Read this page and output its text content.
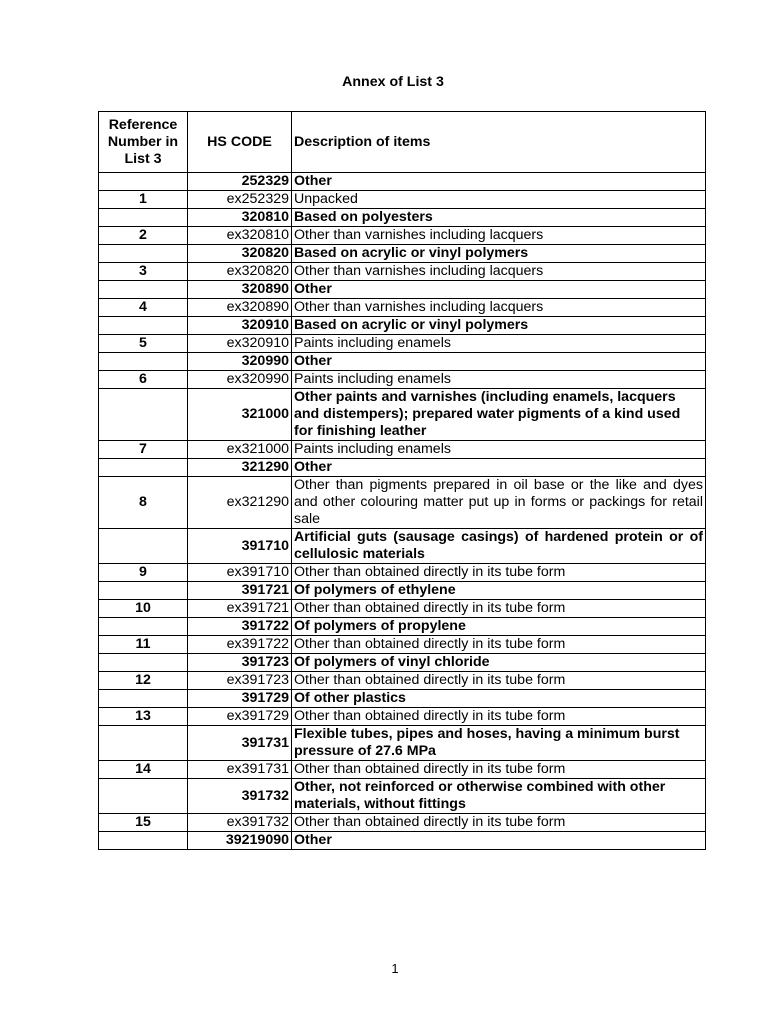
Annex of List 3
Reference Number in List 3	HS CODE	Description of items
	252329	Other
1	ex252329	Unpacked
	320810	Based on polyesters
2	ex320810	Other than varnishes including lacquers
	320820	Based on acrylic or vinyl polymers
3	ex320820	Other than varnishes including lacquers
	320890	Other
4	ex320890	Other than varnishes including lacquers
	320910	Based on acrylic or vinyl polymers
5	ex320910	Paints including enamels
	320990	Other
6	ex320990	Paints including enamels
	321000	Other paints and varnishes (including enamels, lacquers and distempers); prepared water pigments of a kind used for finishing leather
7	ex321000	Paints including enamels
	321290	Other
8	ex321290	Other than pigments prepared in oil base or the like and dyes and other colouring matter put up in forms or packings for retail sale
	391710	Artificial guts (sausage casings) of hardened protein or of cellulosic materials
9	ex391710	Other than obtained directly in its tube form
	391721	Of polymers of ethylene
10	ex391721	Other than obtained directly in its tube form
	391722	Of polymers of propylene
11	ex391722	Other than obtained directly in its tube form
	391723	Of polymers of vinyl chloride
12	ex391723	Other than obtained directly in its tube form
	391729	Of other plastics
13	ex391729	Other than obtained directly in its tube form
	391731	Flexible tubes, pipes and hoses, having a minimum burst pressure of 27.6 MPa
14	ex391731	Other than obtained directly in its tube form
	391732	Other, not reinforced or otherwise combined with other materials, without fittings
15	ex391732	Other than obtained directly in its tube form
	39219090	Other
1
